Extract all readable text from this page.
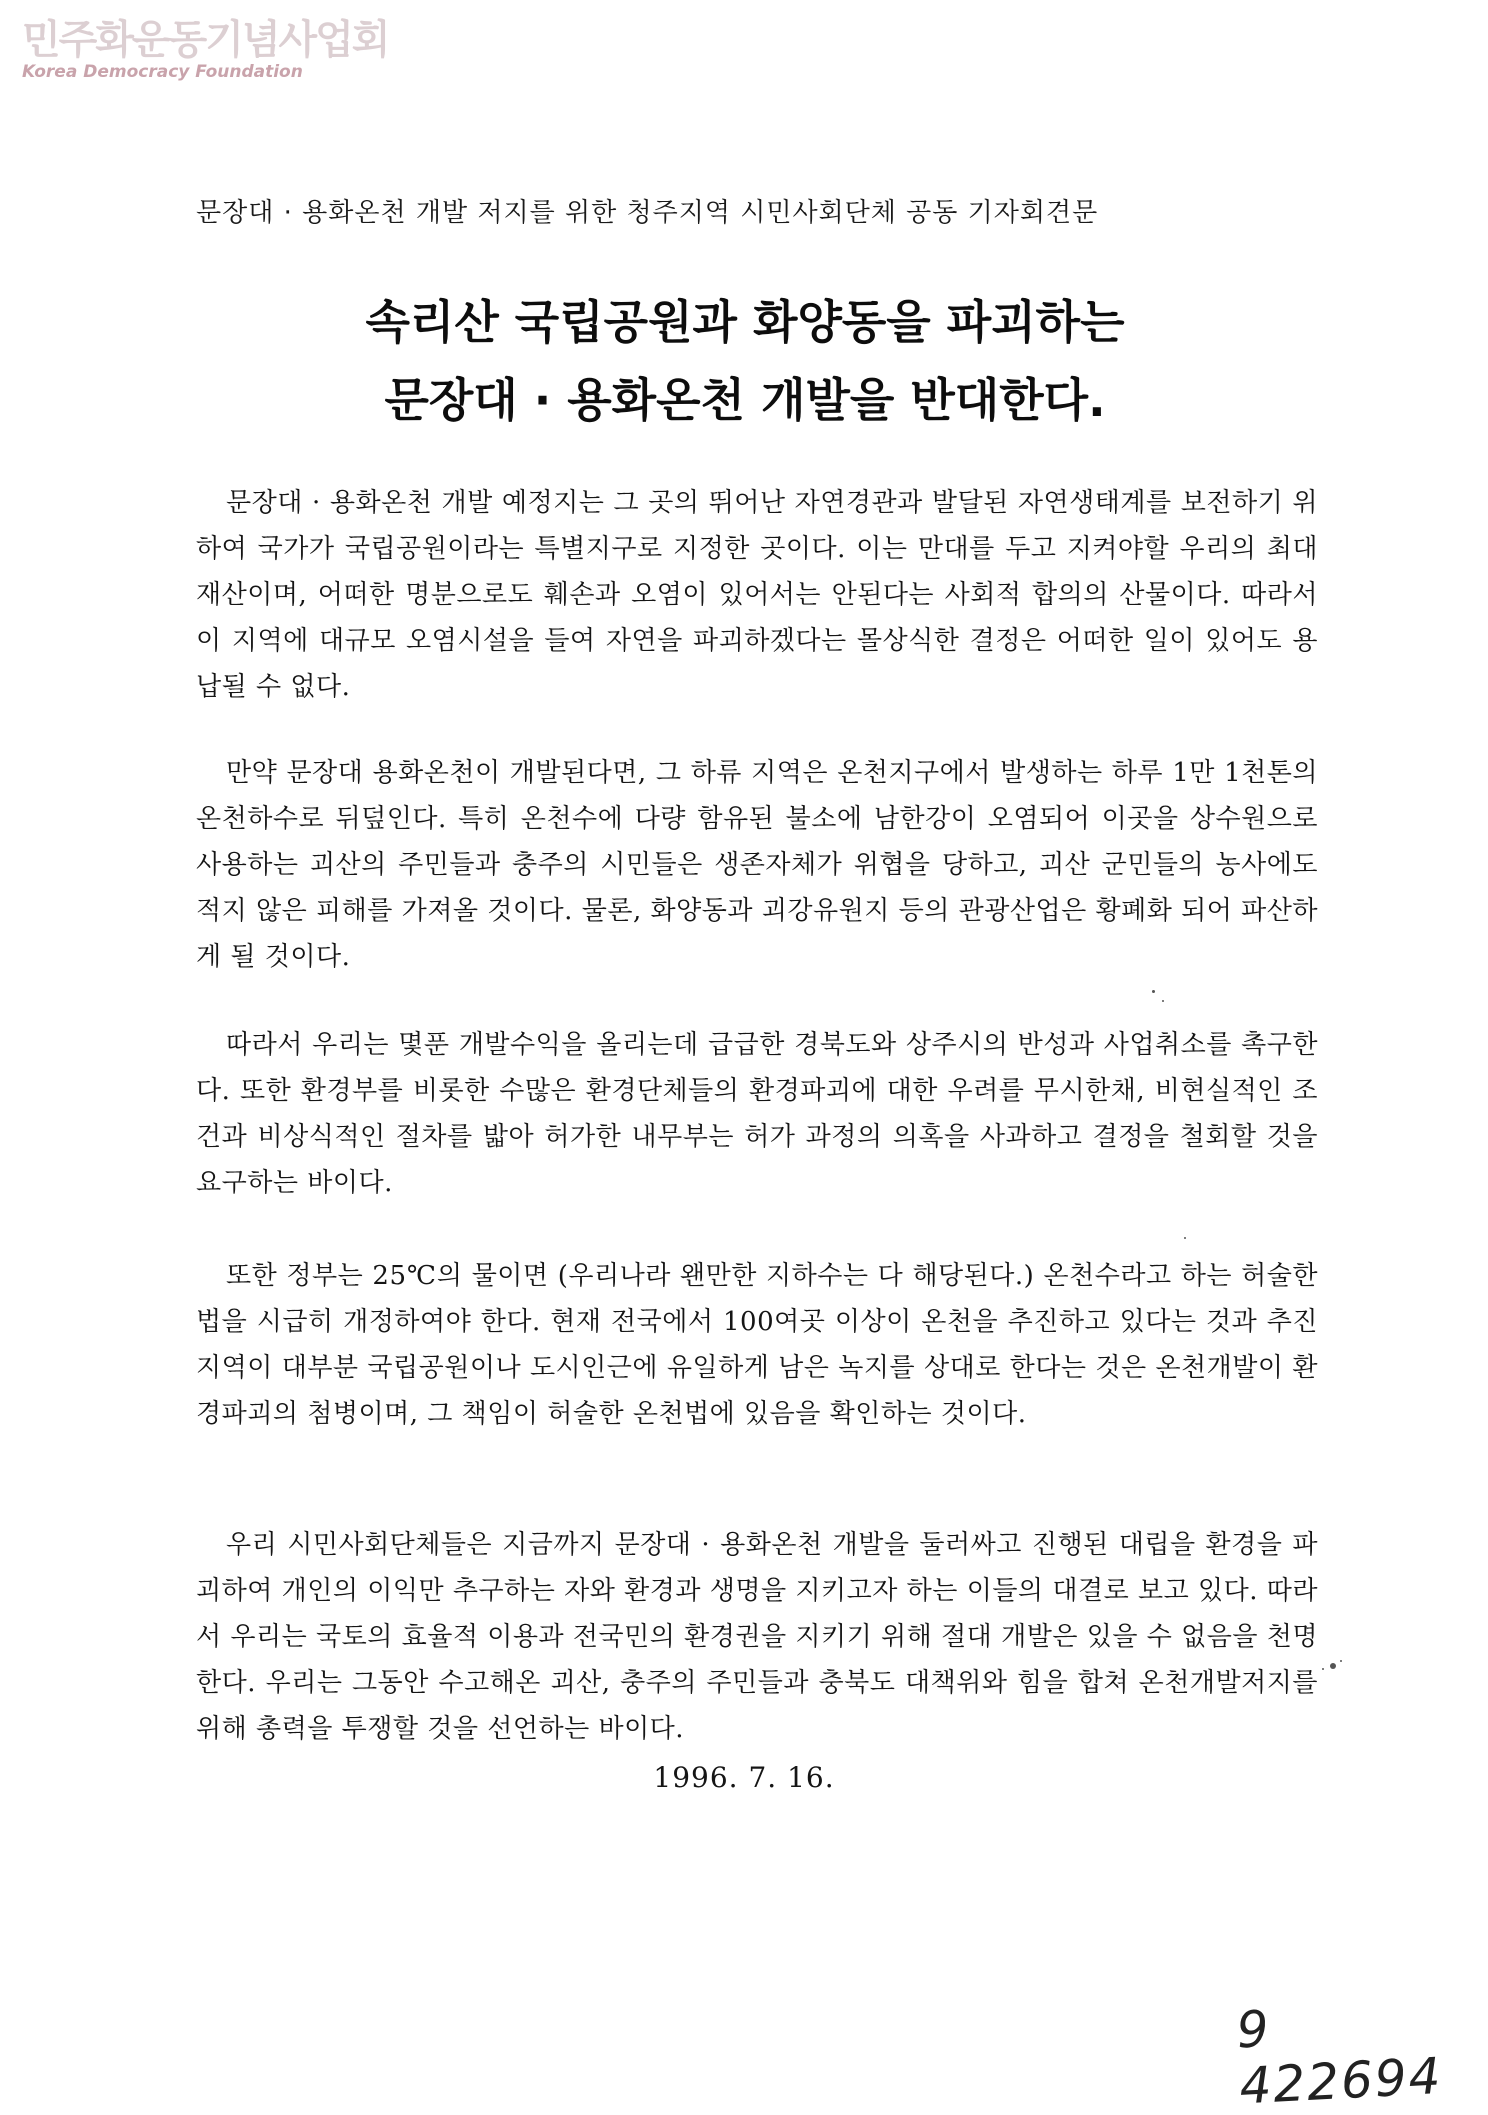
민주화운동기념사업회
Korea Democracy Foundation
문장대 · 용화온천 개발 저지를 위한 청주지역 시민사회단체 공동 기자회견문
속리산 국립공원과 화양동을 파괴하는
문장대 · 용화온천 개발을 반대한다.

문장대 · 용화온천 개발 예정지는 그 곳의 뛰어난 자연경관과 발달된 자연생태계를 보전하기 위하여 국가가 국립공원이라는 특별지구로 지정한 곳이다. 이는 만대를 두고 지켜야할 우리의 최대 재산이며, 어떠한 명분으로도 훼손과 오염이 있어서는 안된다는 사회적 합의의 산물이다. 따라서 이 지역에 대규모 오염시설을 들여 자연을 파괴하겠다는 몰상식한 결정은 어떠한 일이 있어도 용납될 수 없다.

만약 문장대 용화온천이 개발된다면, 그 하류 지역은 온천지구에서 발생하는 하루 1만 1천톤의 온천하수로 뒤덮인다. 특히 온천수에 다량 함유된 불소에 남한강이 오염되어 이곳을 상수원으로 사용하는 괴산의 주민들과 충주의 시민들은 생존자체가 위협을 당하고, 괴산 군민들의 농사에도 적지 않은 피해를 가져올 것이다. 물론, 화양동과 괴강유원지 등의 관광산업은 황폐화 되어 파산하게 될 것이다.

따라서 우리는 몇푼 개발수익을 올리는데 급급한 경북도와 상주시의 반성과 사업취소를 촉구한다. 또한 환경부를 비롯한 수많은 환경단체들의 환경파괴에 대한 우려를 무시한채, 비현실적인 조건과 비상식적인 절차를 밟아 허가한 내무부는 허가 과정의 의혹을 사과하고 결정을 철회할 것을 요구하는 바이다.

또한 정부는 25℃의 물이면 (우리나라 왠만한 지하수는 다 해당된다.) 온천수라고 하는 허술한 법을 시급히 개정하여야 한다. 현재 전국에서 100여곳 이상이 온천을 추진하고 있다는 것과 추진지역이 대부분 국립공원이나 도시인근에 유일하게 남은 녹지를 상대로 한다는 것은 온천개발이 환경파괴의 첨병이며, 그 책임이 허술한 온천법에 있음을 확인하는 것이다.

우리 시민사회단체들은 지금까지 문장대 · 용화온천 개발을 둘러싸고 진행된 대립을 환경을 파괴하여 개인의 이익만 추구하는 자와 환경과 생명을 지키고자 하는 이들의 대결로 보고 있다. 따라서 우리는 국토의 효율적 이용과 전국민의 환경권을 지키기 위해 절대 개발은 있을 수 없음을 천명한다. 우리는 그동안 수고해온 괴산, 충주의 주민들과 충북도 대책위와 힘을 합쳐 온천개발저지를 위해 총력을 투쟁할 것을 선언하는 바이다.

1996. 7. 16.
9 422694
